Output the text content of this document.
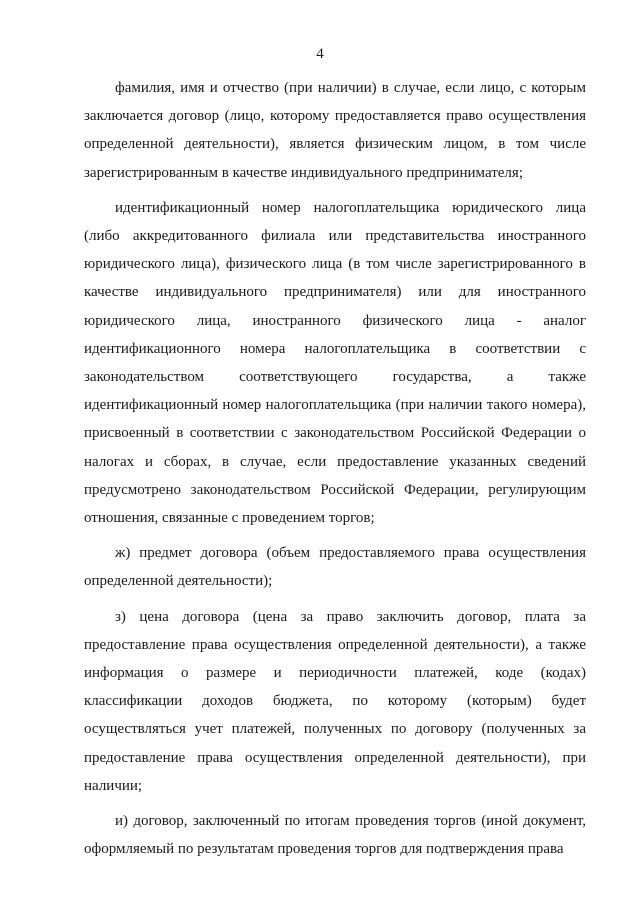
4

фамилия, имя и отчество (при наличии) в случае, если лицо, с которым заключается договор (лицо, которому предоставляется право осуществления определенной деятельности), является физическим лицом, в том числе зарегистрированным в качестве индивидуального предпринимателя;

идентификационный номер налогоплательщика юридического лица (либо аккредитованного филиала или представительства иностранного юридического лица), физического лица (в том числе зарегистрированного в качестве индивидуального предпринимателя) или для иностранного юридического лица, иностранного физического лица - аналог идентификационного номера налогоплательщика в соответствии с законодательством соответствующего государства, а также идентификационный номер налогоплательщика (при наличии такого номера), присвоенный в соответствии с законодательством Российской Федерации о налогах и сборах, в случае, если предоставление указанных сведений предусмотрено законодательством Российской Федерации, регулирующим отношения, связанные с проведением торгов;

ж) предмет договора (объем предоставляемого права осуществления определенной деятельности);

з) цена договора (цена за право заключить договор, плата за предоставление права осуществления определенной деятельности), а также информация о размере и периодичности платежей, коде (кодах) классификации доходов бюджета, по которому (которым) будет осуществляться учет платежей, полученных по договору (полученных за предоставление права осуществления определенной деятельности), при наличии;

и) договор, заключенный по итогам проведения торгов (иной документ, оформляемый по результатам проведения торгов для подтверждения права
